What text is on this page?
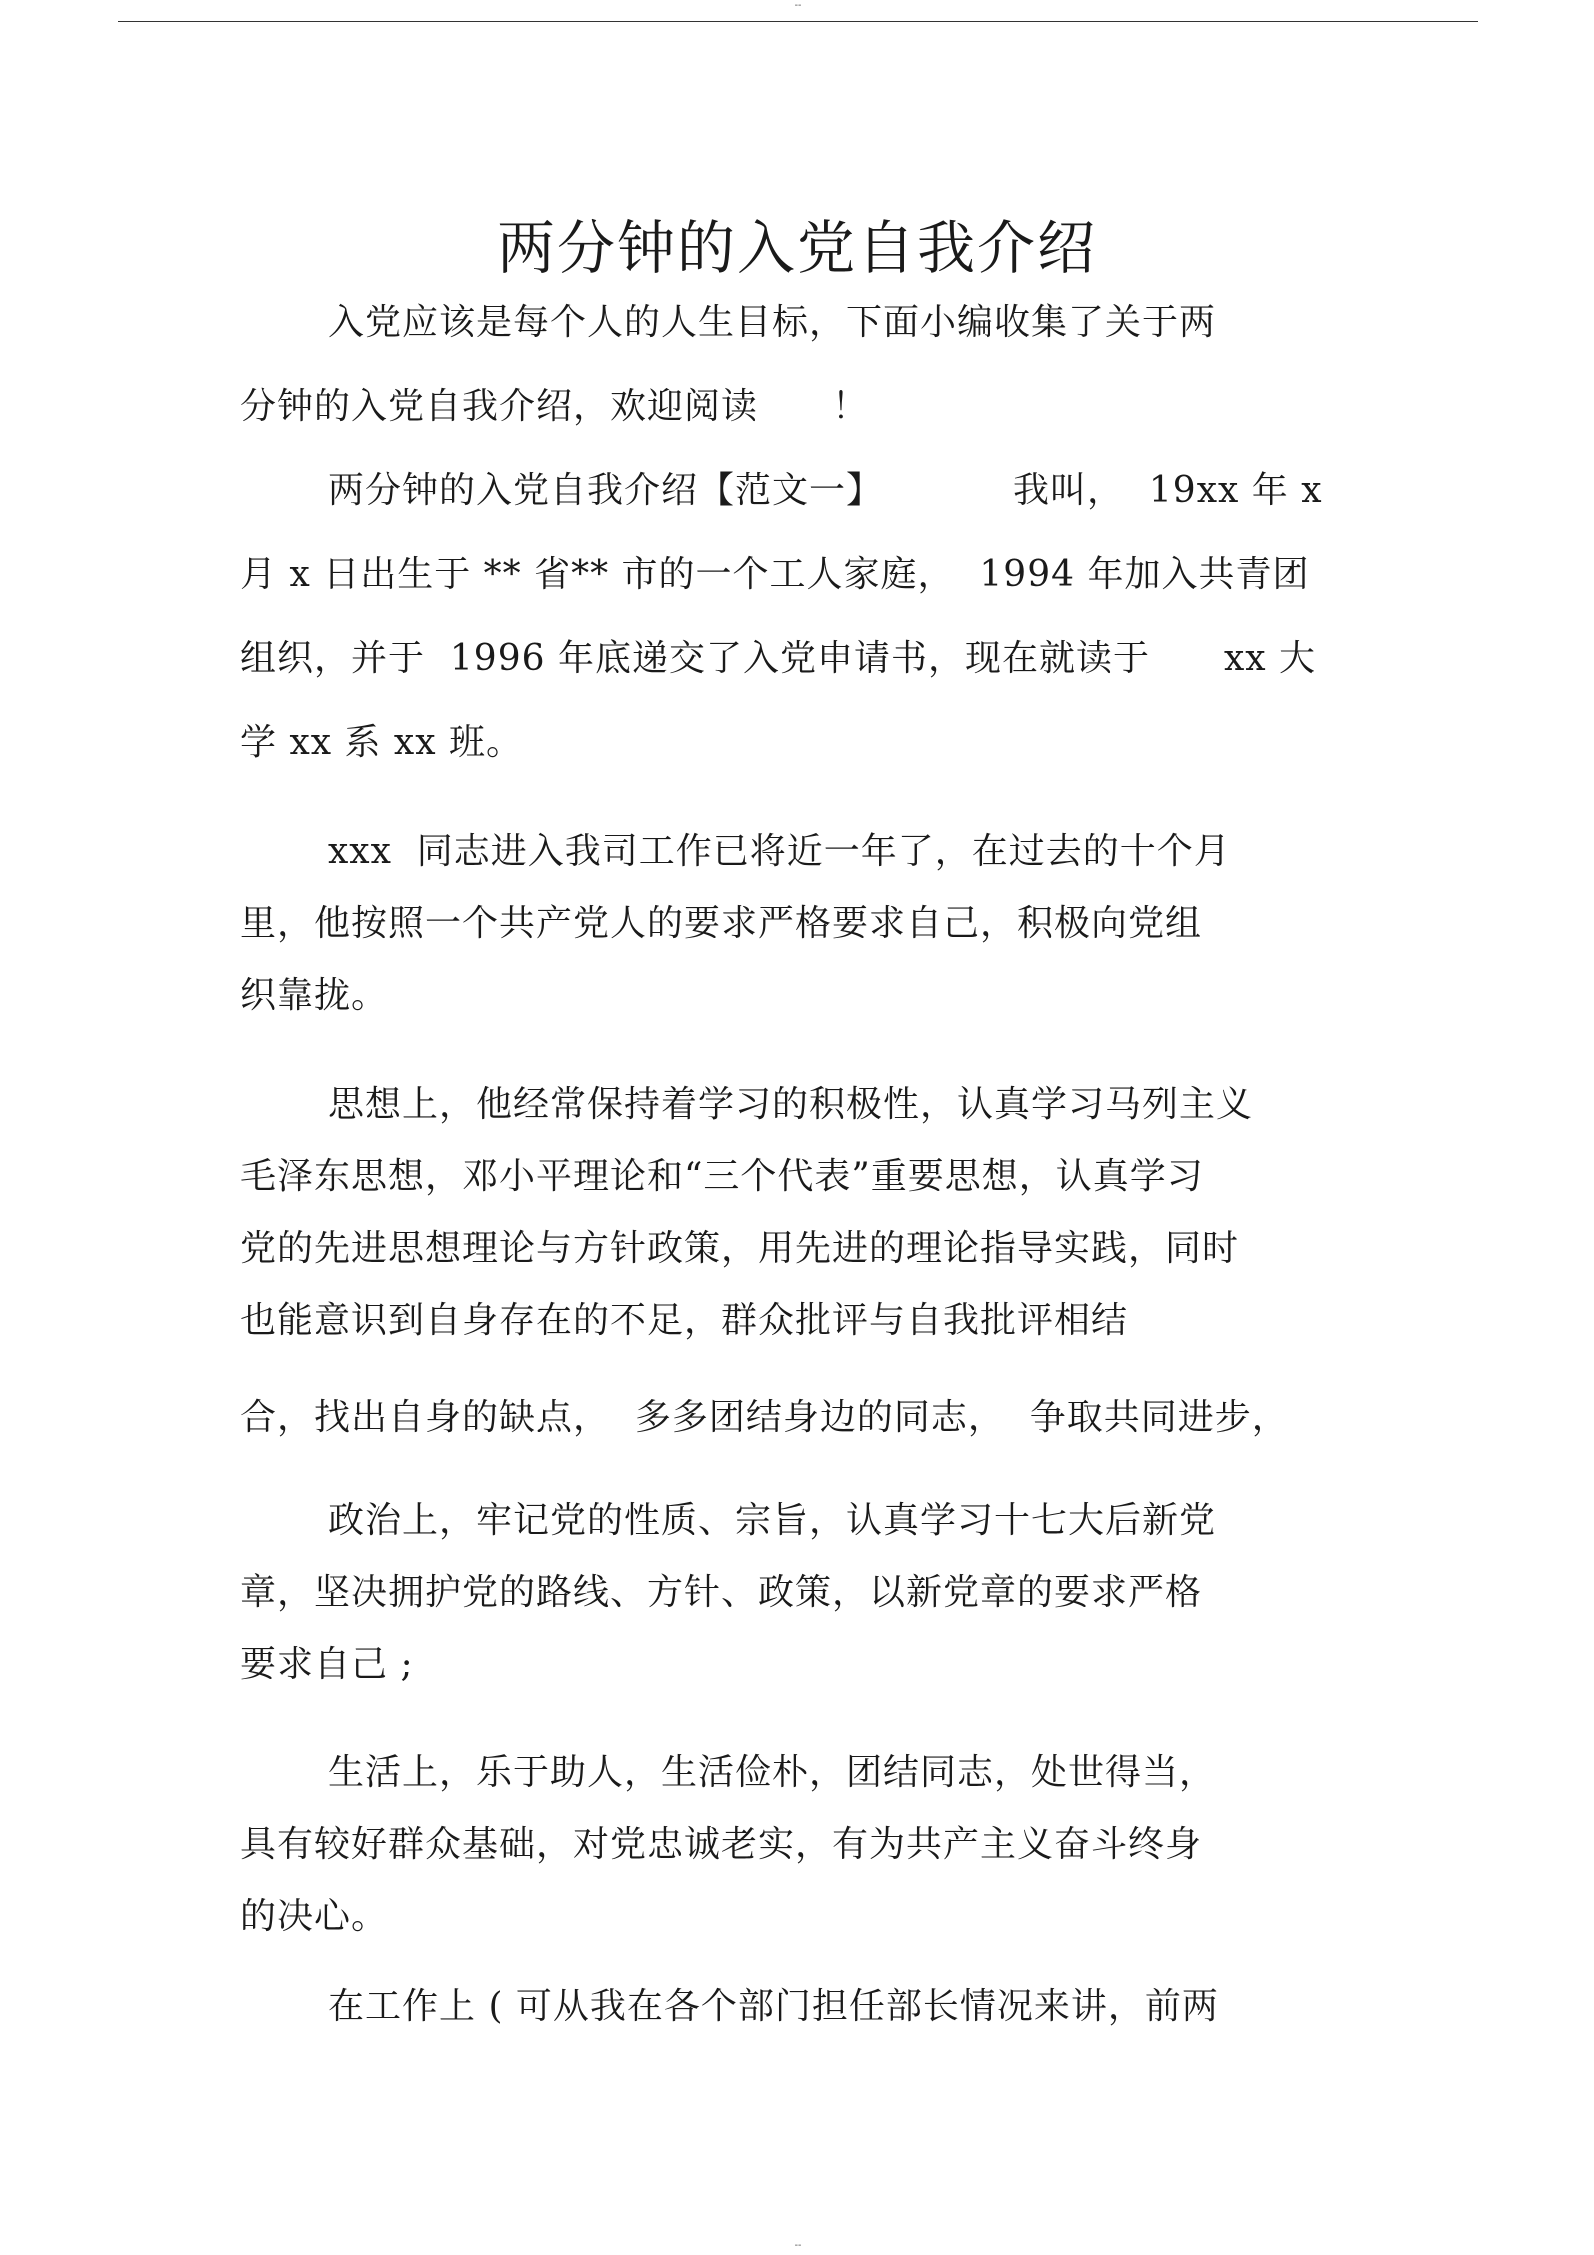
--
两分钟的入党自我介绍
入党应该是每个人的人生目标，下面小编收集了关于两
分钟的入党自我介绍，欢迎阅读　　！
两分钟的入党自我介绍【范文一】　　　　我叫，  19xx 年 x
月 x 日出生于 ** 省** 市的一个工人家庭，  1994 年加入共青团
组织，并于  1996 年底递交了入党申请书，现在就读于　　xx 大
学 xx 系 xx 班。
xxx  同志进入我司工作已将近一年了，在过去的十个月
里，他按照一个共产党人的要求严格要求自己，积极向党组
织靠拢。
思想上，他经常保持着学习的积极性，认真学习马列主义
毛泽东思想，邓小平理论和“三个代表”重要思想，认真学习
党的先进思想理论与方针政策，用先进的理论指导实践，同时
也能意识到自身存在的不足，群众批评与自我批评相结
合，找出自身的缺点，  多多团结身边的同志，  争取共同进步，
政治上，牢记党的性质、宗旨，认真学习十七大后新党
章，坚决拥护党的路线、方针、政策，以新党章的要求严格
要求自己 ;
生活上，乐于助人，生活俭朴，团结同志，处世得当，
具有较好群众基础，对党忠诚老实，有为共产主义奋斗终身
的决心。
在工作上 ( 可从我在各个部门担任部长情况来讲，前两
--
